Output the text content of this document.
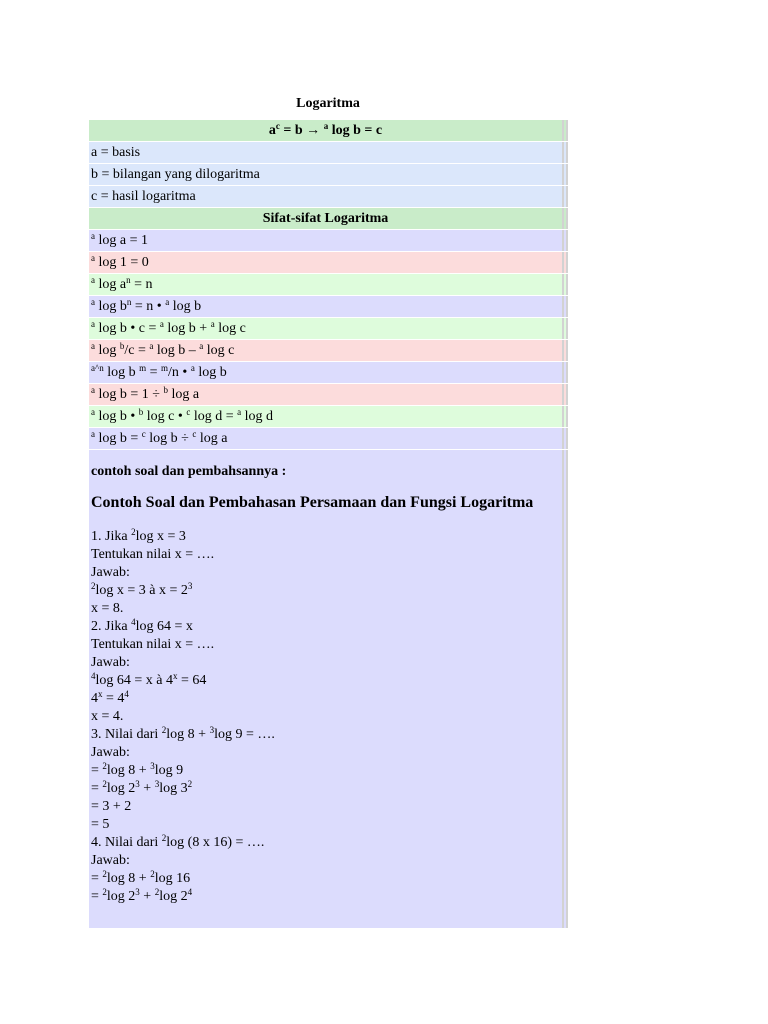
Logaritma
$a^c = b \to ^a$ log b = c
a = basis
b = bilangan yang dilogaritma
c = hasil logaritma
Sifat-sifat Logaritma
$^a$ log a = 1
$^a$ log 1 = 0
$^a$ $\log a^n = n$
$^a$ $\log b^n = n$ • $^a$ log b
$^a$ log b • c = $^a$ log b + $^a$ log c
$^a$ log $^b$/c = $^a$ log b – $^a$ log c
$^{a\^{}n}$ log b $^m$ = $^m$/n • $^a$ log b
$^a$ log b = 1 ÷ $^b$ log a
$^a$ log b • $^b$ log c • $^c$ log d = $^a$ log d
$^a$ log b = $^c$ log b ÷ $^c$ log a
contoh soal dan pembahsannya :
Contoh Soal dan Pembahasan Persamaan dan Fungsi Logaritma
1. Jika $^2$log x = 3
Tentukan nilai x = ….
Jawab:
$^2$log x = 3 à $x = 2^3$
x = 8.
2. Jika $^4$log 64 = x
Tentukan nilai x = ….
Jawab:
$^4$log 64 = x à $4^x = 64$
$4^x = 4^4$
x = 4.
3. Nilai dari $^2$log 8 + $^3$log 9 = ….
Jawab:
= $^2$log 8 + $^3$log 9
= $^2$log $2^3 + ^3\log$ $3^2$
= 3 + 2
= 5
4. Nilai dari $^2$log (8 x 16) = ….
Jawab:
= $^2$log 8 + $^2$log 16
= $^2$log $2^3 + ^2\log$ $2^4$
